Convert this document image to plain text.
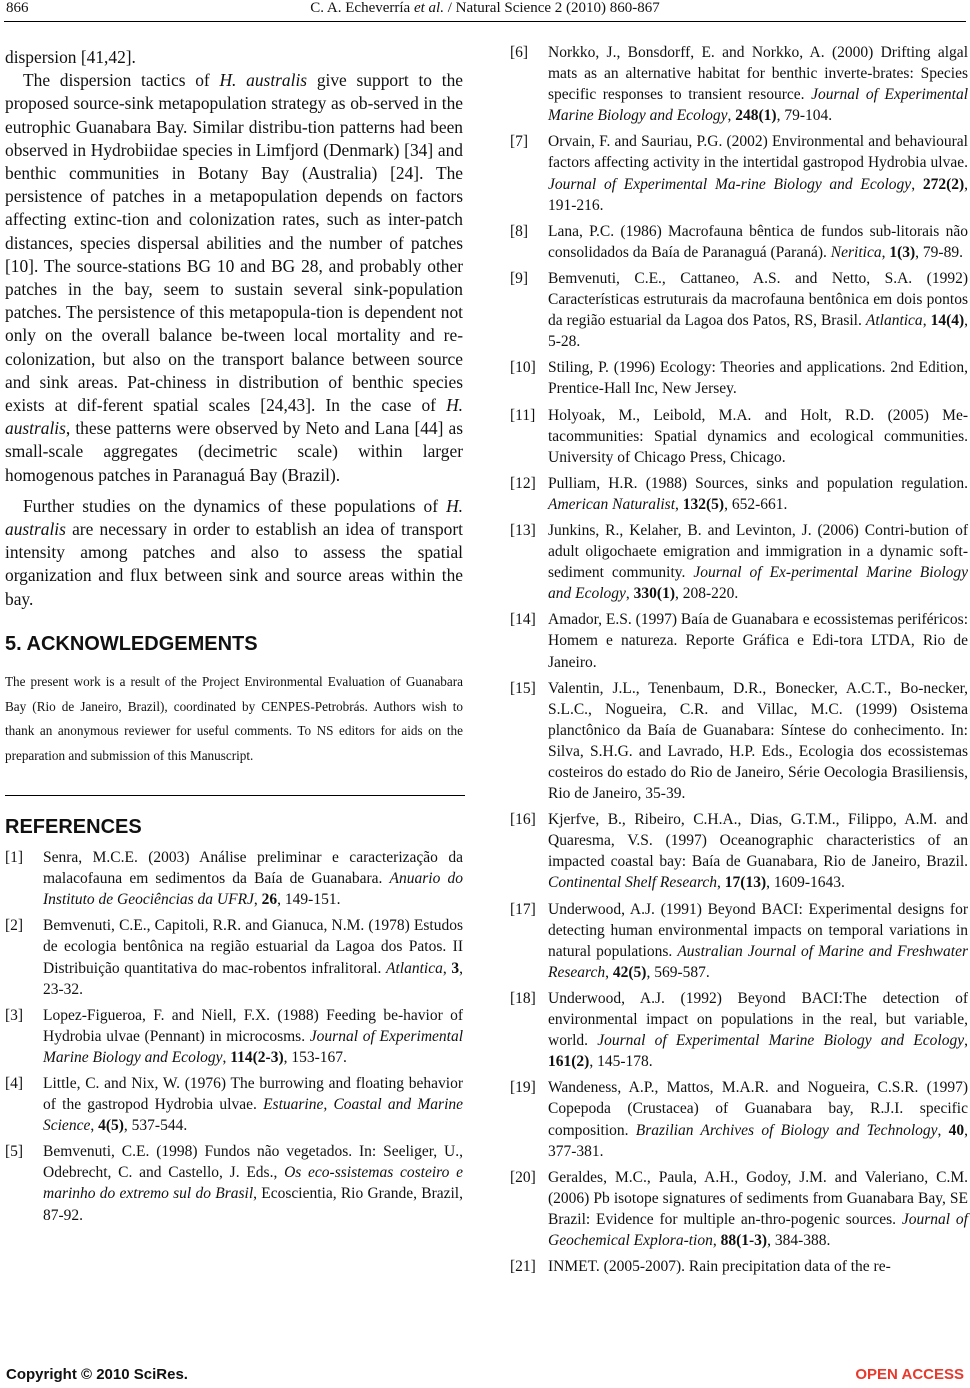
866	C. A. Echeverría et al. / Natural Science 2 (2010) 860-867

dispersion [41,42].

The dispersion tactics of H. australis give support to the proposed source-sink metapopulation strategy as ob-served in the eutrophic Guanabara Bay. Similar distribu-tion patterns had been observed in Hydrobiidae species in Limfjord (Denmark) [34] and benthic communities in Botany Bay (Australia) [24]. The persistence of patches in a metapopulation depends on factors affecting extinc-tion and colonization rates, such as inter-patch distances, species dispersal abilities and the number of patches [10]. The source-stations BG 10 and BG 28, and probably other patches in the bay, seem to sustain several sink-population patches. The persistence of this metapopula-tion is dependent not only on the overall balance be-tween local mortality and re-colonization, but also on the transport balance between source and sink areas. Pat-chiness in distribution of benthic species exists at dif-ferent spatial scales [24,43]. In the case of H. australis, these patterns were observed by Neto and Lana [44] as small-scale aggregates (decimetric scale) within larger homogenous patches in Paranaguá Bay (Brazil).

Further studies on the dynamics of these populations of H. australis are necessary in order to establish an idea of transport intensity among patches and also to assess the spatial organization and flux between sink and source areas within the bay.

5. ACKNOWLEDGEMENTS

The present work is a result of the Project Environmental Evaluation of Guanabara Bay (Rio de Janeiro, Brazil), coordinated by CENPES-Petrobrás. Authors wish to thank an anonymous reviewer for useful comments. To NS editors for aids on the preparation and submission of this Manuscript.

REFERENCES

[1] Senra, M.C.E. (2003) Análise preliminar e caracterização da malacofauna em sedimentos da Baía de Guanabara. Anuario do Instituto de Geociências da UFRJ, 26, 149-151.

[2] Bemvenuti, C.E., Capitoli, R.R. and Gianuca, N.M. (1978) Estudos de ecologia bentônica na região estuarial da Lagoa dos Patos. II Distribuição quantitativa do mac-robentos infralitoral. Atlantica, 3, 23-32.

[3] Lopez-Figueroa, F. and Niell, F.X. (1988) Feeding be-havior of Hydrobia ulvae (Pennant) in microcosms. Journal of Experimental Marine Biology and Ecology, 114(2-3), 153-167.

[4] Little, C. and Nix, W. (1976) The burrowing and floating behavior of the gastropod Hydrobia ulvae. Estuarine, Coastal and Marine Science, 4(5), 537-544.

[5] Bemvenuti, C.E. (1998) Fundos não vegetados. In: Seeliger, U., Odebrecht, C. and Castello, J. Eds., Os eco-ssistemas costeiro e marinho do extremo sul do Brasil, Ecoscientia, Rio Grande, Brazil, 87-92.

[6] Norkko, J., Bonsdorff, E. and Norkko, A. (2000) Drifting algal mats as an alternative habitat for benthic inverte-brates: Species specific responses to transient resource. Journal of Experimental Marine Biology and Ecology, 248(1), 79-104.

[7] Orvain, F. and Sauriau, P.G. (2002) Environmental and behavioural factors affecting activity in the intertidal gastropod Hydrobia ulvae. Journal of Experimental Ma-rine Biology and Ecology, 272(2), 191-216.

[8] Lana, P.C. (1986) Macrofauna bêntica de fundos sub-litorais não consolidados da Baía de Paranaguá (Paraná). Neritica, 1(3), 79-89.

[9] Bemvenuti, C.E., Cattaneo, A.S. and Netto, S.A. (1992) Características estruturais da macrofauna bentônica em dois pontos da região estuarial da Lagoa dos Patos, RS, Brasil. Atlantica, 14(4), 5-28.

[10] Stiling, P. (1996) Ecology: Theories and applications. 2nd Edition, Prentice-Hall Inc, New Jersey.

[11] Holyoak, M., Leibold, M.A. and Holt, R.D. (2005) Me-tacommunities: Spatial dynamics and ecological communities. University of Chicago Press, Chicago.

[12] Pulliam, H.R. (1988) Sources, sinks and population regulation. American Naturalist, 132(5), 652-661.

[13] Junkins, R., Kelaher, B. and Levinton, J. (2006) Contri-bution of adult oligochaete emigration and immigration in a dynamic soft-sediment community. Journal of Ex-perimental Marine Biology and Ecology, 330(1), 208-220.

[14] Amador, E.S. (1997) Baía de Guanabara e ecossistemas periféricos: Homem e natureza. Reporte Gráfica e Edi-tora LTDA, Rio de Janeiro.

[15] Valentin, J.L., Tenenbaum, D.R., Bonecker, A.C.T., Bo-necker, S.L.C., Nogueira, C.R. and Villac, M.C. (1999) Osistema planctônico da Baía de Guanabara: Síntese do conhecimento. In: Silva, S.H.G. and Lavrado, H.P. Eds., Ecologia dos ecossistemas costeiros do estado do Rio de Janeiro, Série Oecologia Brasiliensis, Rio de Janeiro, 35-39.

[16] Kjerfve, B., Ribeiro, C.H.A., Dias, G.T.M., Filippo, A.M. and Quaresma, V.S. (1997) Oceanographic characteristics of an impacted coastal bay: Baía de Guanabara, Rio de Janeiro, Brazil. Continental Shelf Research, 17(13), 1609-1643.

[17] Underwood, A.J. (1991) Beyond BACI: Experimental designs for detecting human environmental impacts on temporal variations in natural populations. Australian Journal of Marine and Freshwater Research, 42(5), 569-587.

[18] Underwood, A.J. (1992) Beyond BACI:The detection of environmental impact on populations in the real, but variable, world. Journal of Experimental Marine Biology and Ecology, 161(2), 145-178.

[19] Wandeness, A.P., Mattos, M.A.R. and Nogueira, C.S.R. (1997) Copepoda (Crustacea) of Guanabara bay, R.J.I. specific composition. Brazilian Archives of Biology and Technology, 40, 377-381.

[20] Geraldes, M.C., Paula, A.H., Godoy, J.M. and Valeriano, C.M. (2006) Pb isotope signatures of sediments from Guanabara Bay, SE Brazil: Evidence for multiple an-thro-pogenic sources. Journal of Geochemical Explora-tion, 88(1-3), 384-388.

[21] INMET. (2005-2007). Rain precipitation data of the re-

Copyright © 2010 SciRes.	OPEN ACCESS
